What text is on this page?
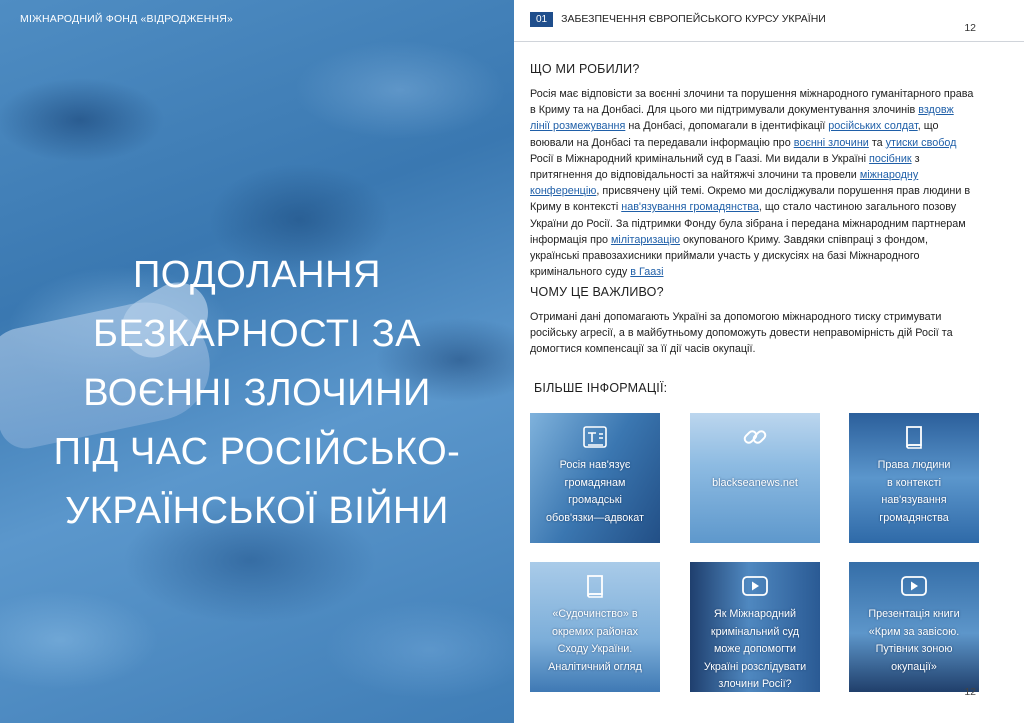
МІЖНАРОДНИЙ ФОНД «ВІДРОДЖЕННЯ»
ПОДОЛАННЯ
БЕЗКАРНОСТІ ЗА
ВОЄННІ ЗЛОЧИНИ
ПІД ЧАС РОСІЙСЬКО-
УКРАЇНСЬКОЇ ВІЙНИ
01	ЗАБЕЗПЕЧЕННЯ ЄВРОПЕЙСЬКОГО КУРСУ УКРАЇНИ
12
ЩО МИ РОБИЛИ?
Росія має відповісти за воєнні злочини та порушення міжнародного гуманітарного права в Криму та на Донбасі. Для цього ми підтримували документування злочинів вздовж лінії розмежування на Донбасі, допомагали в ідентифікації російських солдат, що воювали на Донбасі та передавали інформацію про воєнні злочини та утиски свобод Росії в Міжнародний кримінальний суд в Гаазі. Ми видали в Україні посібник з притягнення до відповідальності за найтяжчі злочини та провели міжнародну конференцію, присвячену цій темі. Окремо ми досліджували порушення прав людини в Криму в контексті нав'язування громадянства, що стало частиною загального позову України до Росії. За підтримки Фонду була зібрана і передана міжнародним партнерам інформація про мілітаризацію окупованого Криму. Завдяки співпраці з фондом, українські правозахисники приймали участь у дискусіях на базі Міжнародного кримінального суду в Гаазі
ЧОМУ ЦЕ ВАЖЛИВО?
Отримані дані допомагають Україні за допомогою міжнародного тиску стримувати російську агресії, а в майбутньому допоможуть довести неправомірність дій Росії та домогтися компенсації за її дії часів окупації.
БІЛЬШЕ ІНФОРМАЦІЇ:
Росія нав'язує
громадянам
громадські
обов'язки—адвокат
blackseanews.net
Права людини
в контексті
нав'язування
громадянства
«Судочинство» в
окремих районах
Сходу України.
Аналітичний огляд
Як Міжнародний
кримінальний суд
може допомогти
Україні розслідувати
злочини Росії?
Презентація книги
«Крим за завісою.
Путівник зоною
окупації»
12
